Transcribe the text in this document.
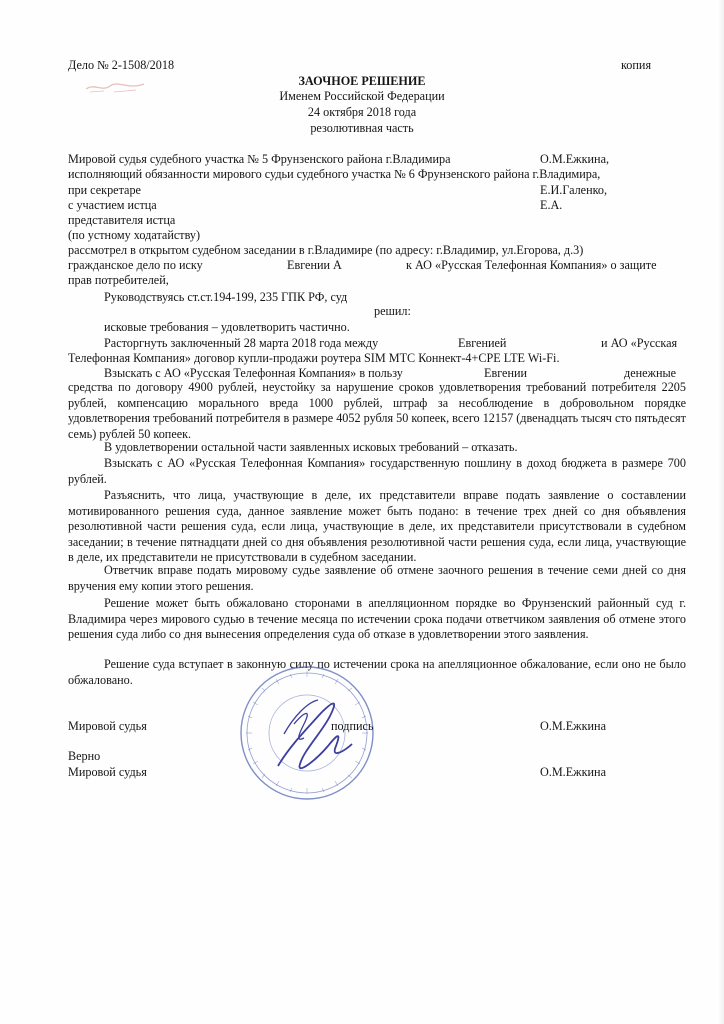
Дело № 2-1508/2018	копия
ЗАОЧНОЕ РЕШЕНИЕ
Именем Российской Федерации
24 октября 2018 года
резолютивная часть
Мировой судья судебного участка № 5 Фрунзенского района г.Владимира	О.М.Ежкина,
исполняющий обязанности мирового судьи судебного участка № 6 Фрунзенского района г.Владимира,
при секретаре	Е.И.Галенко,
с участием истца	Е.А.
представителя истца
(по устному ходатайству)
рассмотрел в открытом судебном заседании в г.Владимире (по адресу: г.Владимир, ул.Егорова, д.3)
гражданское дело по иску	Евгении А	к АО «Русская Телефонная Компания» о защите
прав потребителей,
Руководствуясь ст.ст.194-199, 235 ГПК РФ, суд
решил:
исковые требования – удовлетворить частично.
Расторгнуть заключенный 28 марта 2018 года между	Евгенией	и АО «Руcская
Телефонная Компания» договор купли-продажи роутера SIM МТС Коннект-4+CPE LTE Wi-Fi.
Взыскать с АО «Русская Телефонная Компания» в пользу	Евгении	денежные
средства по договору 4900 рублей, неустойку за нарушение сроков удовлетворения требований потребителя 2205 рублей, компенсацию морального вреда 1000 рублей, штраф за несоблюдение в добровольном порядке удовлетворения требований потребителя в размере 4052 рубля 50 копеек, всего 12157 (двенадцать тысяч сто пятьдесят семь) рублей 50 копеек.
В удовлетворении остальной части заявленных исковых требований – отказать.
Взыскать с АО «Русская Телефонная Компания» государственную пошлину в доход бюджета в размере 700 рублей.
Разъяснить, что лица, участвующие в деле, их представители вправе подать заявление о составлении мотивированного решения суда, данное заявление может быть подано: в течение трех дней со дня объявления резолютивной части решения суда, если лица, участвующие в деле, их представители присутствовали в судебном заседании; в течение пятнадцати дней со дня объявления резолютивной части решения суда, если лица, участвующие в деле, их представители не присутствовали в судебном заседании.
Ответчик вправе подать мировому судье заявление об отмене заочного решения в течение семи дней со дня вручения ему копии этого решения.
Решение может быть обжаловано сторонами в апелляционном порядке во Фрунзенский районный суд г. Владимира через мирового судью в течение месяца по истечении срока подачи ответчиком заявления об отмене этого решения суда либо со дня вынесения определения суда об отказе в удовлетворении этого заявления.
Решение суда вступает в законную силу по истечении срока на апелляционное обжалование, если оно не было обжаловано.
Мировой судья	подпись	О.М.Ежкина
Верно
Мировой судья	О.М.Ежкина
